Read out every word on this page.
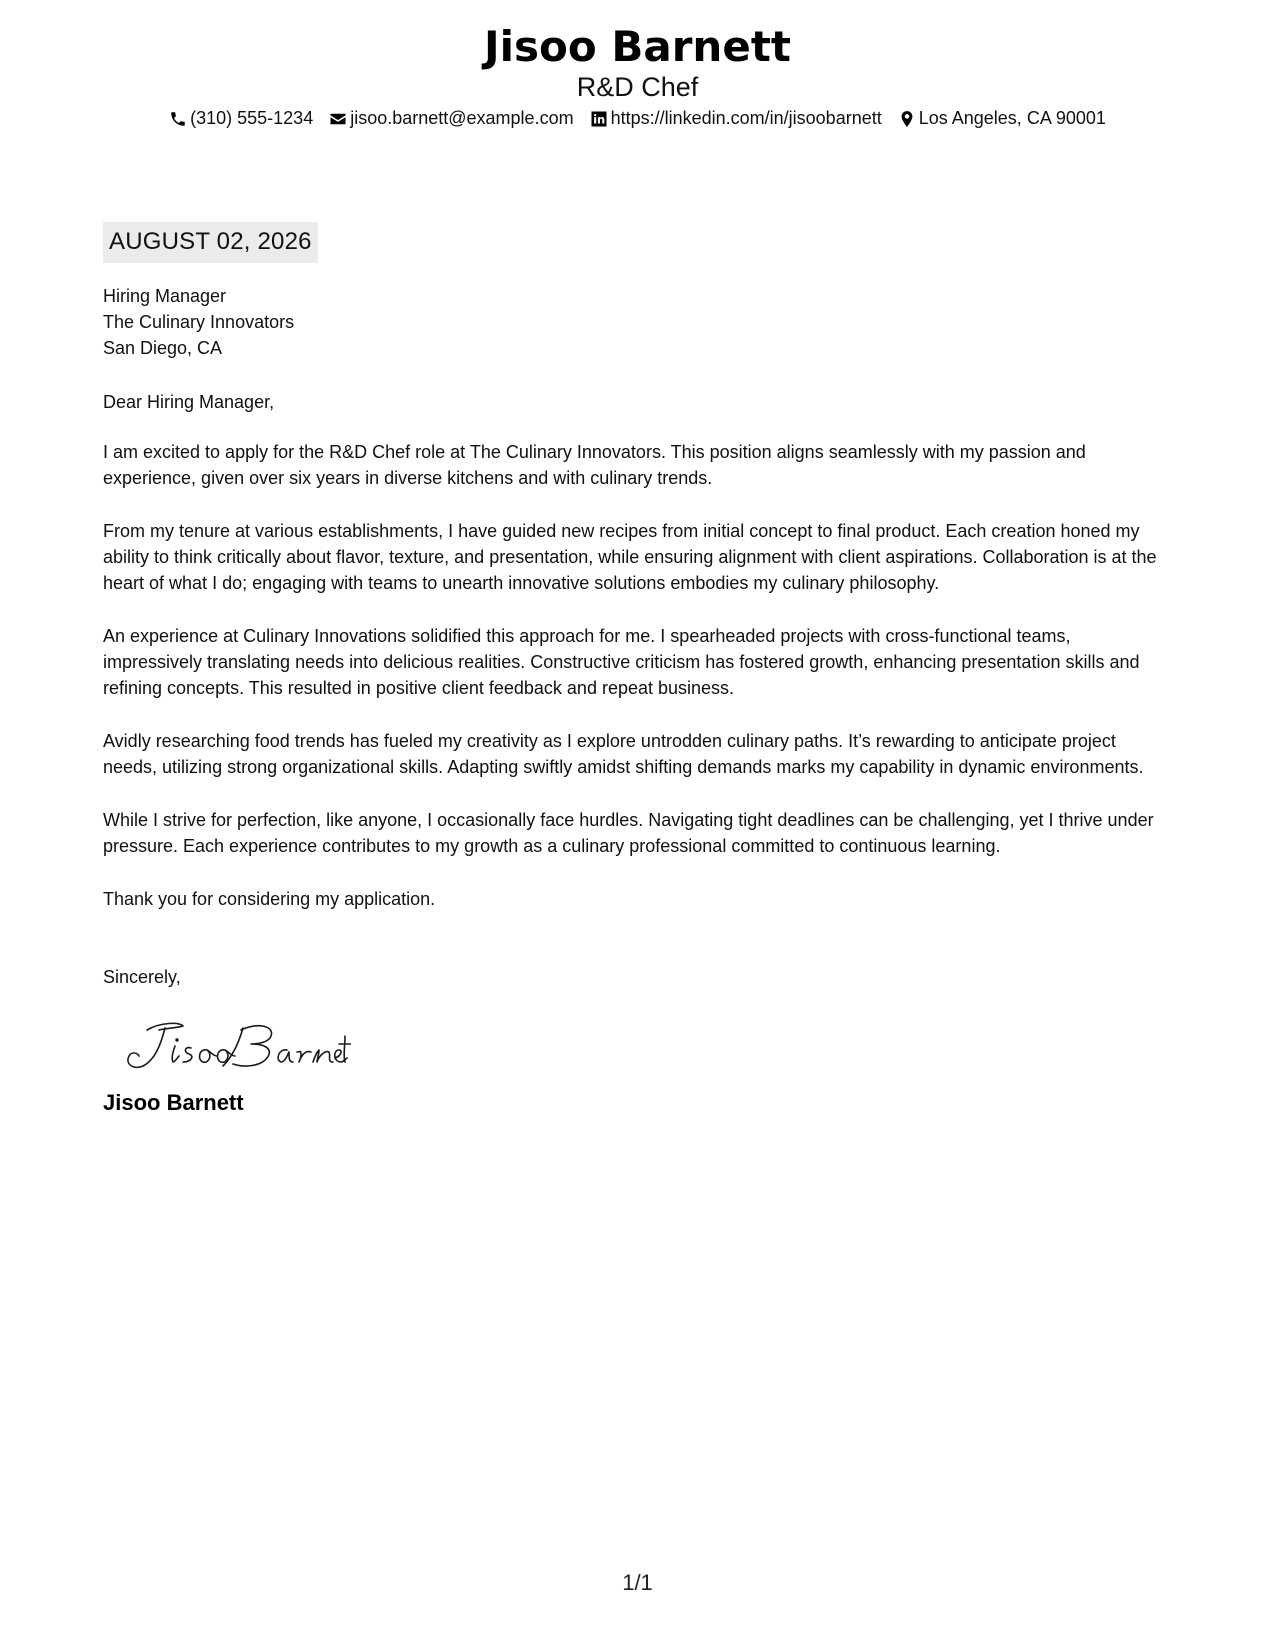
Jisoo Barnett
R&D Chef
(310) 555-1234 jisoo.barnett@example.com https://linkedin.com/in/jisoobarnett Los Angeles, CA 90001
AUGUST 02, 2026
Hiring Manager
The Culinary Innovators
San Diego, CA
Dear Hiring Manager,

I am excited to apply for the R&D Chef role at The Culinary Innovators. This position aligns seamlessly with my passion and experience, given over six years in diverse kitchens and with culinary trends.

From my tenure at various establishments, I have guided new recipes from initial concept to final product. Each creation honed my ability to think critically about flavor, texture, and presentation, while ensuring alignment with client aspirations. Collaboration is at the heart of what I do; engaging with teams to unearth innovative solutions embodies my culinary philosophy.

An experience at Culinary Innovations solidified this approach for me. I spearheaded projects with cross-functional teams, impressively translating needs into delicious realities. Constructive criticism has fostered growth, enhancing presentation skills and refining concepts. This resulted in positive client feedback and repeat business.

Avidly researching food trends has fueled my creativity as I explore untrodden culinary paths. It’s rewarding to anticipate project needs, utilizing strong organizational skills. Adapting swiftly amidst shifting demands marks my capability in dynamic environments.

While I strive for perfection, like anyone, I occasionally face hurdles. Navigating tight deadlines can be challenging, yet I thrive under pressure. Each experience contributes to my growth as a culinary professional committed to continuous learning.

Thank you for considering my application.

Sincerely,
Jisoo Barnett
1/1
